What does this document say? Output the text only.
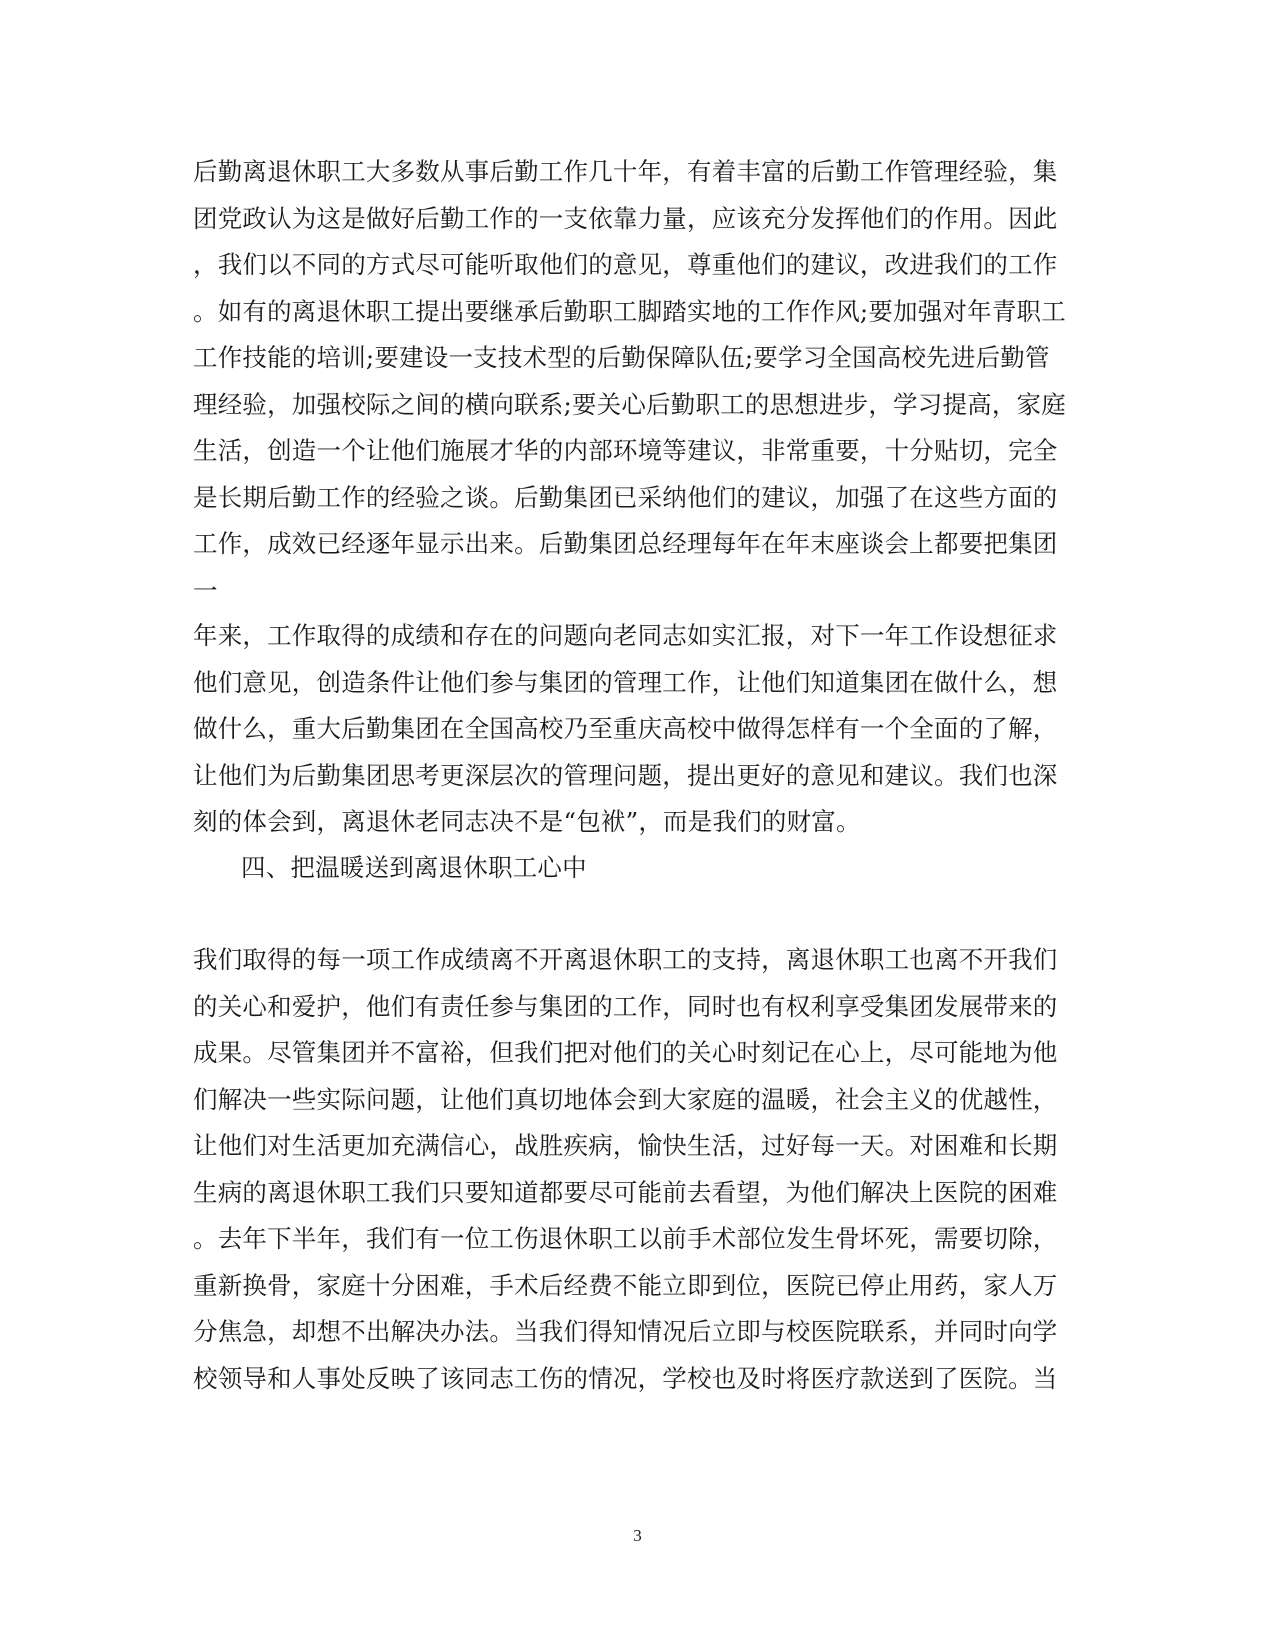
后勤离退休职工大多数从事后勤工作几十年，有着丰富的后勤工作管理经验，集
团党政认为这是做好后勤工作的一支依靠力量，应该充分发挥他们的作用。因此
，我们以不同的方式尽可能听取他们的意见，尊重他们的建议，改进我们的工作
。如有的离退休职工提出要继承后勤职工脚踏实地的工作作风;要加强对年青职工
工作技能的培训;要建设一支技术型的后勤保障队伍;要学习全国高校先进后勤管
理经验，加强校际之间的横向联系;要关心后勤职工的思想进步，学习提高，家庭
生活，创造一个让他们施展才华的内部环境等建议，非常重要，十分贴切，完全
是长期后勤工作的经验之谈。后勤集团已采纳他们的建议，加强了在这些方面的
工作，成效已经逐年显示出来。后勤集团总经理每年在年末座谈会上都要把集团
一
年来，工作取得的成绩和存在的问题向老同志如实汇报，对下一年工作设想征求
他们意见，创造条件让他们参与集团的管理工作，让他们知道集团在做什么，想
做什么，重大后勤集团在全国高校乃至重庆高校中做得怎样有一个全面的了解，
让他们为后勤集团思考更深层次的管理问题，提出更好的意见和建议。我们也深
刻的体会到，离退休老同志决不是“包袱”，而是我们的财富。
四、把温暖送到离退休职工心中
我们取得的每一项工作成绩离不开离退休职工的支持，离退休职工也离不开我们
的关心和爱护，他们有责任参与集团的工作，同时也有权利享受集团发展带来的
成果。尽管集团并不富裕，但我们把对他们的关心时刻记在心上，尽可能地为他
们解决一些实际问题，让他们真切地体会到大家庭的温暖，社会主义的优越性，
让他们对生活更加充满信心，战胜疾病，愉快生活，过好每一天。对困难和长期
生病的离退休职工我们只要知道都要尽可能前去看望，为他们解决上医院的困难
。去年下半年，我们有一位工伤退休职工以前手术部位发生骨坏死，需要切除，
重新换骨，家庭十分困难，手术后经费不能立即到位，医院已停止用药，家人万
分焦急，却想不出解决办法。当我们得知情况后立即与校医院联系，并同时向学
校领导和人事处反映了该同志工伤的情况，学校也及时将医疗款送到了医院。当
3
